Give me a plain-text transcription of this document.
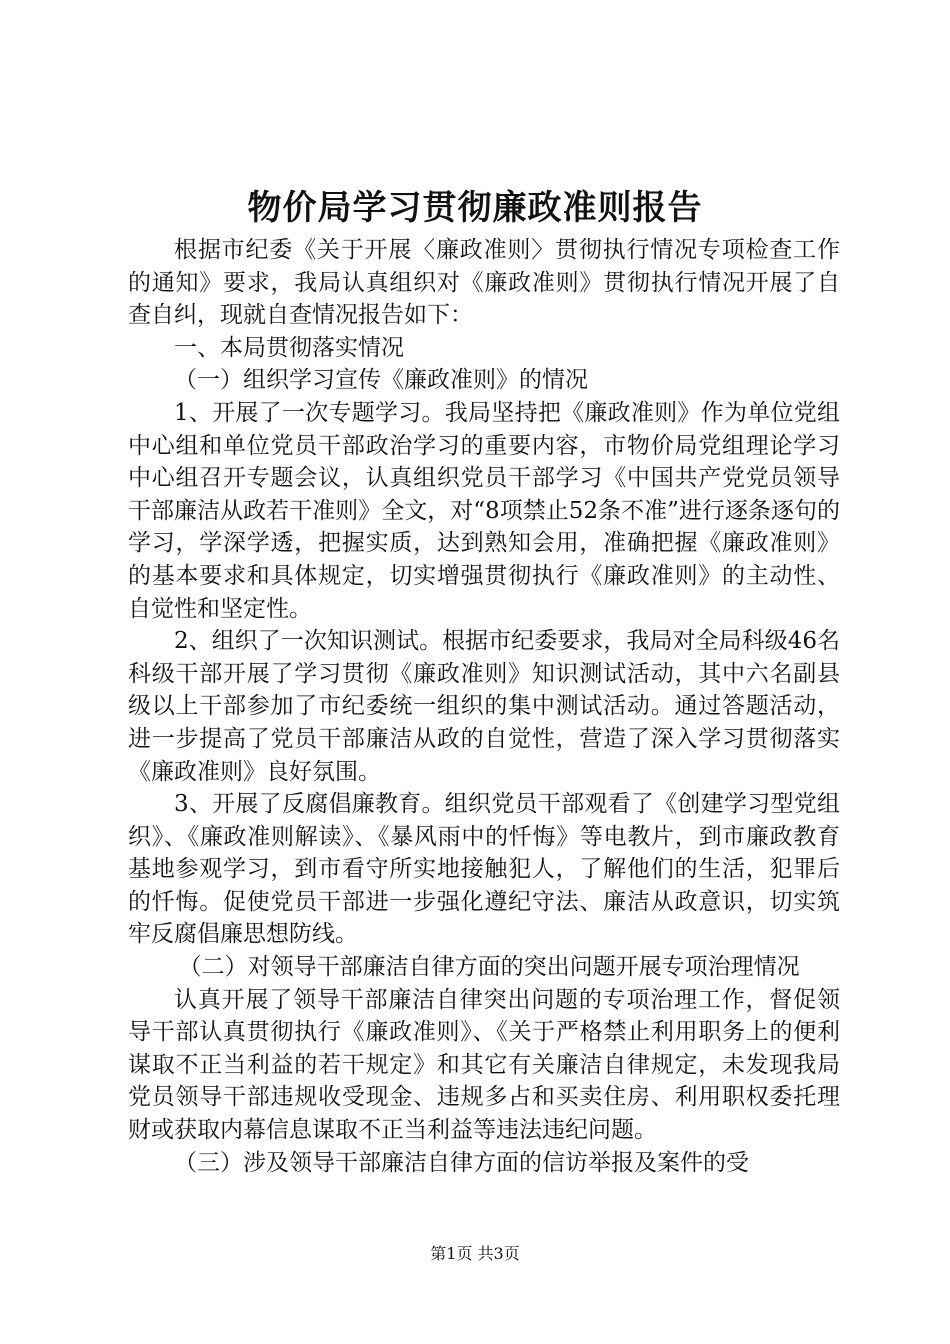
物价局学习贯彻廉政准则报告

根据市纪委《关于开展〈廉政准则〉贯彻执行情况专项检查工作的通知》要求，我局认真组织对《廉政准则》贯彻执行情况开展了自查自纠，现就自查情况报告如下：

一、本局贯彻落实情况

（一）组织学习宣传《廉政准则》的情况

1、开展了一次专题学习。我局坚持把《廉政准则》作为单位党组中心组和单位党员干部政治学习的重要内容，市物价局党组理论学习中心组召开专题会议，认真组织党员干部学习《中国共产党党员领导干部廉洁从政若干准则》全文，对“8项禁止52条不准”进行逐条逐句的学习，学深学透，把握实质，达到熟知会用，准确把握《廉政准则》的基本要求和具体规定，切实增强贯彻执行《廉政准则》的主动性、自觉性和坚定性。

2、组织了一次知识测试。根据市纪委要求，我局对全局科级46名科级干部开展了学习贯彻《廉政准则》知识测试活动，其中六名副县级以上干部参加了市纪委统一组织的集中测试活动。通过答题活动，进一步提高了党员干部廉洁从政的自觉性，营造了深入学习贯彻落实《廉政准则》良好氛围。

3、开展了反腐倡廉教育。组织党员干部观看了《创建学习型党组织》、《廉政准则解读》、《暴风雨中的忏悔》等电教片，到市廉政教育基地参观学习，到市看守所实地接触犯人，了解他们的生活，犯罪后的忏悔。促使党员干部进一步强化遵纪守法、廉洁从政意识，切实筑牢反腐倡廉思想防线。

（二）对领导干部廉洁自律方面的突出问题开展专项治理情况

认真开展了领导干部廉洁自律突出问题的专项治理工作，督促领导干部认真贯彻执行《廉政准则》、《关于严格禁止利用职务上的便利谋取不正当利益的若干规定》和其它有关廉洁自律规定，未发现我局党员领导干部违规收受现金、违规多占和买卖住房、利用职权委托理财或获取内幕信息谋取不正当利益等违法违纪问题。

（三）涉及领导干部廉洁自律方面的信访举报及案件的受

第1页 共3页
